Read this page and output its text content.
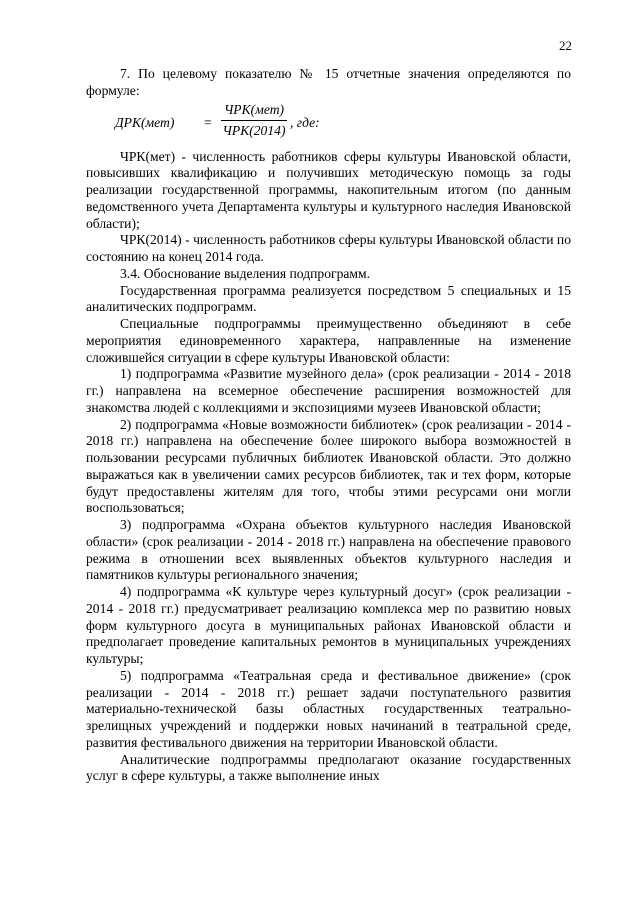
22

7. По целевому показателю № 15 отчетные значения определяются по формуле:

ДРК(мет) =
ЧРК(мет)
ЧРК(2014)
, где:

ЧРК(мет) - численность работников сферы культуры Ивановской области, повысивших квалификацию и получивших методическую помощь за годы реализации государственной программы, накопительным итогом (по данным ведомственного учета Департамента культуры и культурного наследия Ивановской области);

ЧРК(2014) - численность работников сферы культуры Ивановской области по состоянию на конец 2014 года.

3.4. Обоснование выделения подпрограмм.

Государственная программа реализуется посредством 5 специальных и 15 аналитических подпрограмм.

Специальные подпрограммы преимущественно объединяют в себе мероприятия единовременного характера, направленные на изменение сложившейся ситуации в сфере культуры Ивановской области:

1) подпрограмма «Развитие музейного дела» (срок реализации - 2014 - 2018 гг.) направлена на всемерное обеспечение расширения возможностей для знакомства людей с коллекциями и экспозициями музеев Ивановской области;

2) подпрограмма «Новые возможности библиотек» (срок реализации - 2014 - 2018 гг.) направлена на обеспечение более широкого выбора возможностей в пользовании ресурсами публичных библиотек Ивановской области. Это должно выражаться как в увеличении самих ресурсов библиотек, так и тех форм, которые будут предоставлены жителям для того, чтобы этими ресурсами они могли воспользоваться;

3) подпрограмма «Охрана объектов культурного наследия Ивановской области» (срок реализации - 2014 - 2018 гг.) направлена на обеспечение правового режима в отношении всех выявленных объектов культурного наследия и памятников культуры регионального значения;

4) подпрограмма «К культуре через культурный досуг» (срок реализации - 2014 - 2018 гг.) предусматривает реализацию комплекса мер по развитию новых форм культурного досуга в муниципальных районах Ивановской области и предполагает проведение капитальных ремонтов в муниципальных учреждениях культуры;

5) подпрограмма «Театральная среда и фестивальное движение» (срок реализации - 2014 - 2018 гг.) решает задачи поступательного развития материально-технической базы областных государственных театрально-зрелищных учреждений и поддержки новых начинаний в театральной среде, развития фестивального движения на территории Ивановской области.

Аналитические подпрограммы предполагают оказание государственных услуг в сфере культуры, а также выполнение иных
